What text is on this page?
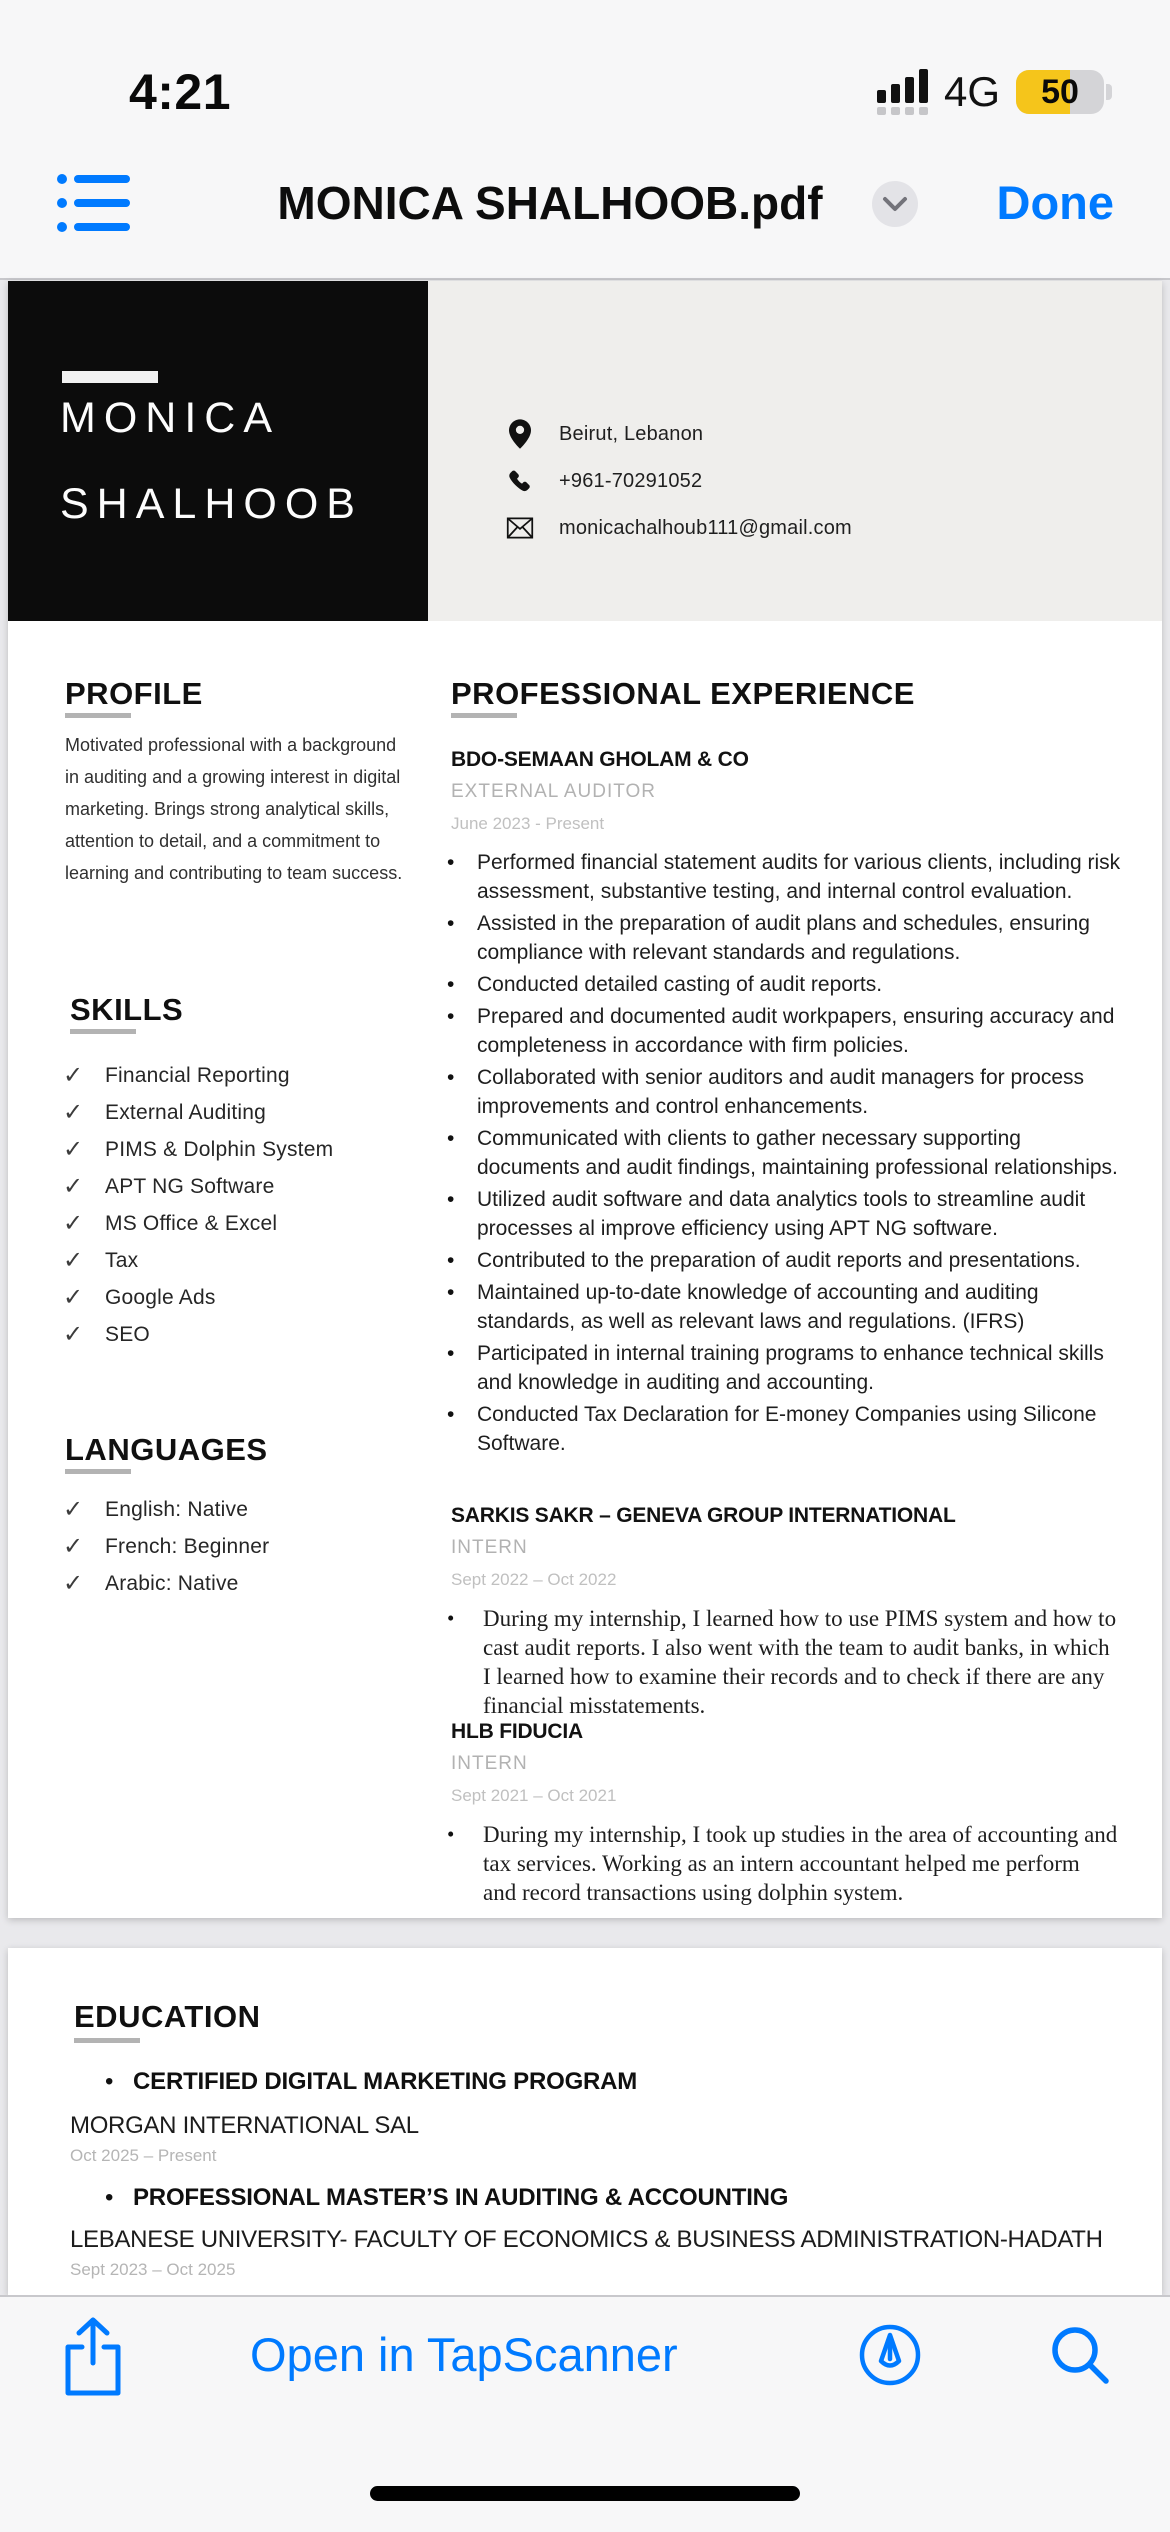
4:21	4G	50
MONICA SHALHOOB.pdf	Done
MONICA
SHALHOOB
Beirut, Lebanon
+961-70291052
monicachalhoub111@gmail.com
PROFILE
Motivated professional with a background in auditing and a growing interest in digital marketing. Brings strong analytical skills, attention to detail, and a commitment to learning and contributing to team success.
SKILLS
✓	Financial Reporting
✓	External Auditing
✓	PIMS & Dolphin System
✓	APT NG Software
✓	MS Office & Excel
✓	Tax
✓	Google Ads
✓	SEO
LANGUAGES
✓	English: Native
✓	French: Beginner
✓	Arabic: Native
PROFESSIONAL EXPERIENCE
BDO-SEMAAN GHOLAM & CO
EXTERNAL AUDITOR
June 2023 - Present
• Performed financial statement audits for various clients, including risk assessment, substantive testing, and internal control evaluation.
• Assisted in the preparation of audit plans and schedules, ensuring compliance with relevant standards and regulations.
• Conducted detailed casting of audit reports.
• Prepared and documented audit workpapers, ensuring accuracy and completeness in accordance with firm policies.
• Collaborated with senior auditors and audit managers for process improvements and control enhancements.
• Communicated with clients to gather necessary supporting documents and audit findings, maintaining professional relationships.
• Utilized audit software and data analytics tools to streamline audit processes al improve efficiency using APT NG software.
• Contributed to the preparation of audit reports and presentations.
• Maintained up-to-date knowledge of accounting and auditing standards, as well as relevant laws and regulations. (IFRS)
• Participated in internal training programs to enhance technical skills and knowledge in auditing and accounting.
• Conducted Tax Declaration for E-money Companies using Silicone Software.
SARKIS SAKR – GENEVA GROUP INTERNATIONAL
INTERN
Sept 2022 – Oct 2022
• During my internship, I learned how to use PIMS system and how to cast audit reports. I also went with the team to audit banks, in which I learned how to examine their records and to check if there are any financial misstatements.
HLB FIDUCIA
INTERN
Sept 2021 – Oct 2021
• During my internship, I took up studies in the area of accounting and tax services. Working as an intern accountant helped me perform and record transactions using dolphin system.
EDUCATION
• CERTIFIED DIGITAL MARKETING PROGRAM
MORGAN INTERNATIONAL SAL
Oct 2025 – Present
• PROFESSIONAL MASTER’S IN AUDITING & ACCOUNTING
LEBANESE UNIVERSITY- FACULTY OF ECONOMICS & BUSINESS ADMINISTRATION-HADATH
Sept 2023 – Oct 2025
Open in TapScanner
